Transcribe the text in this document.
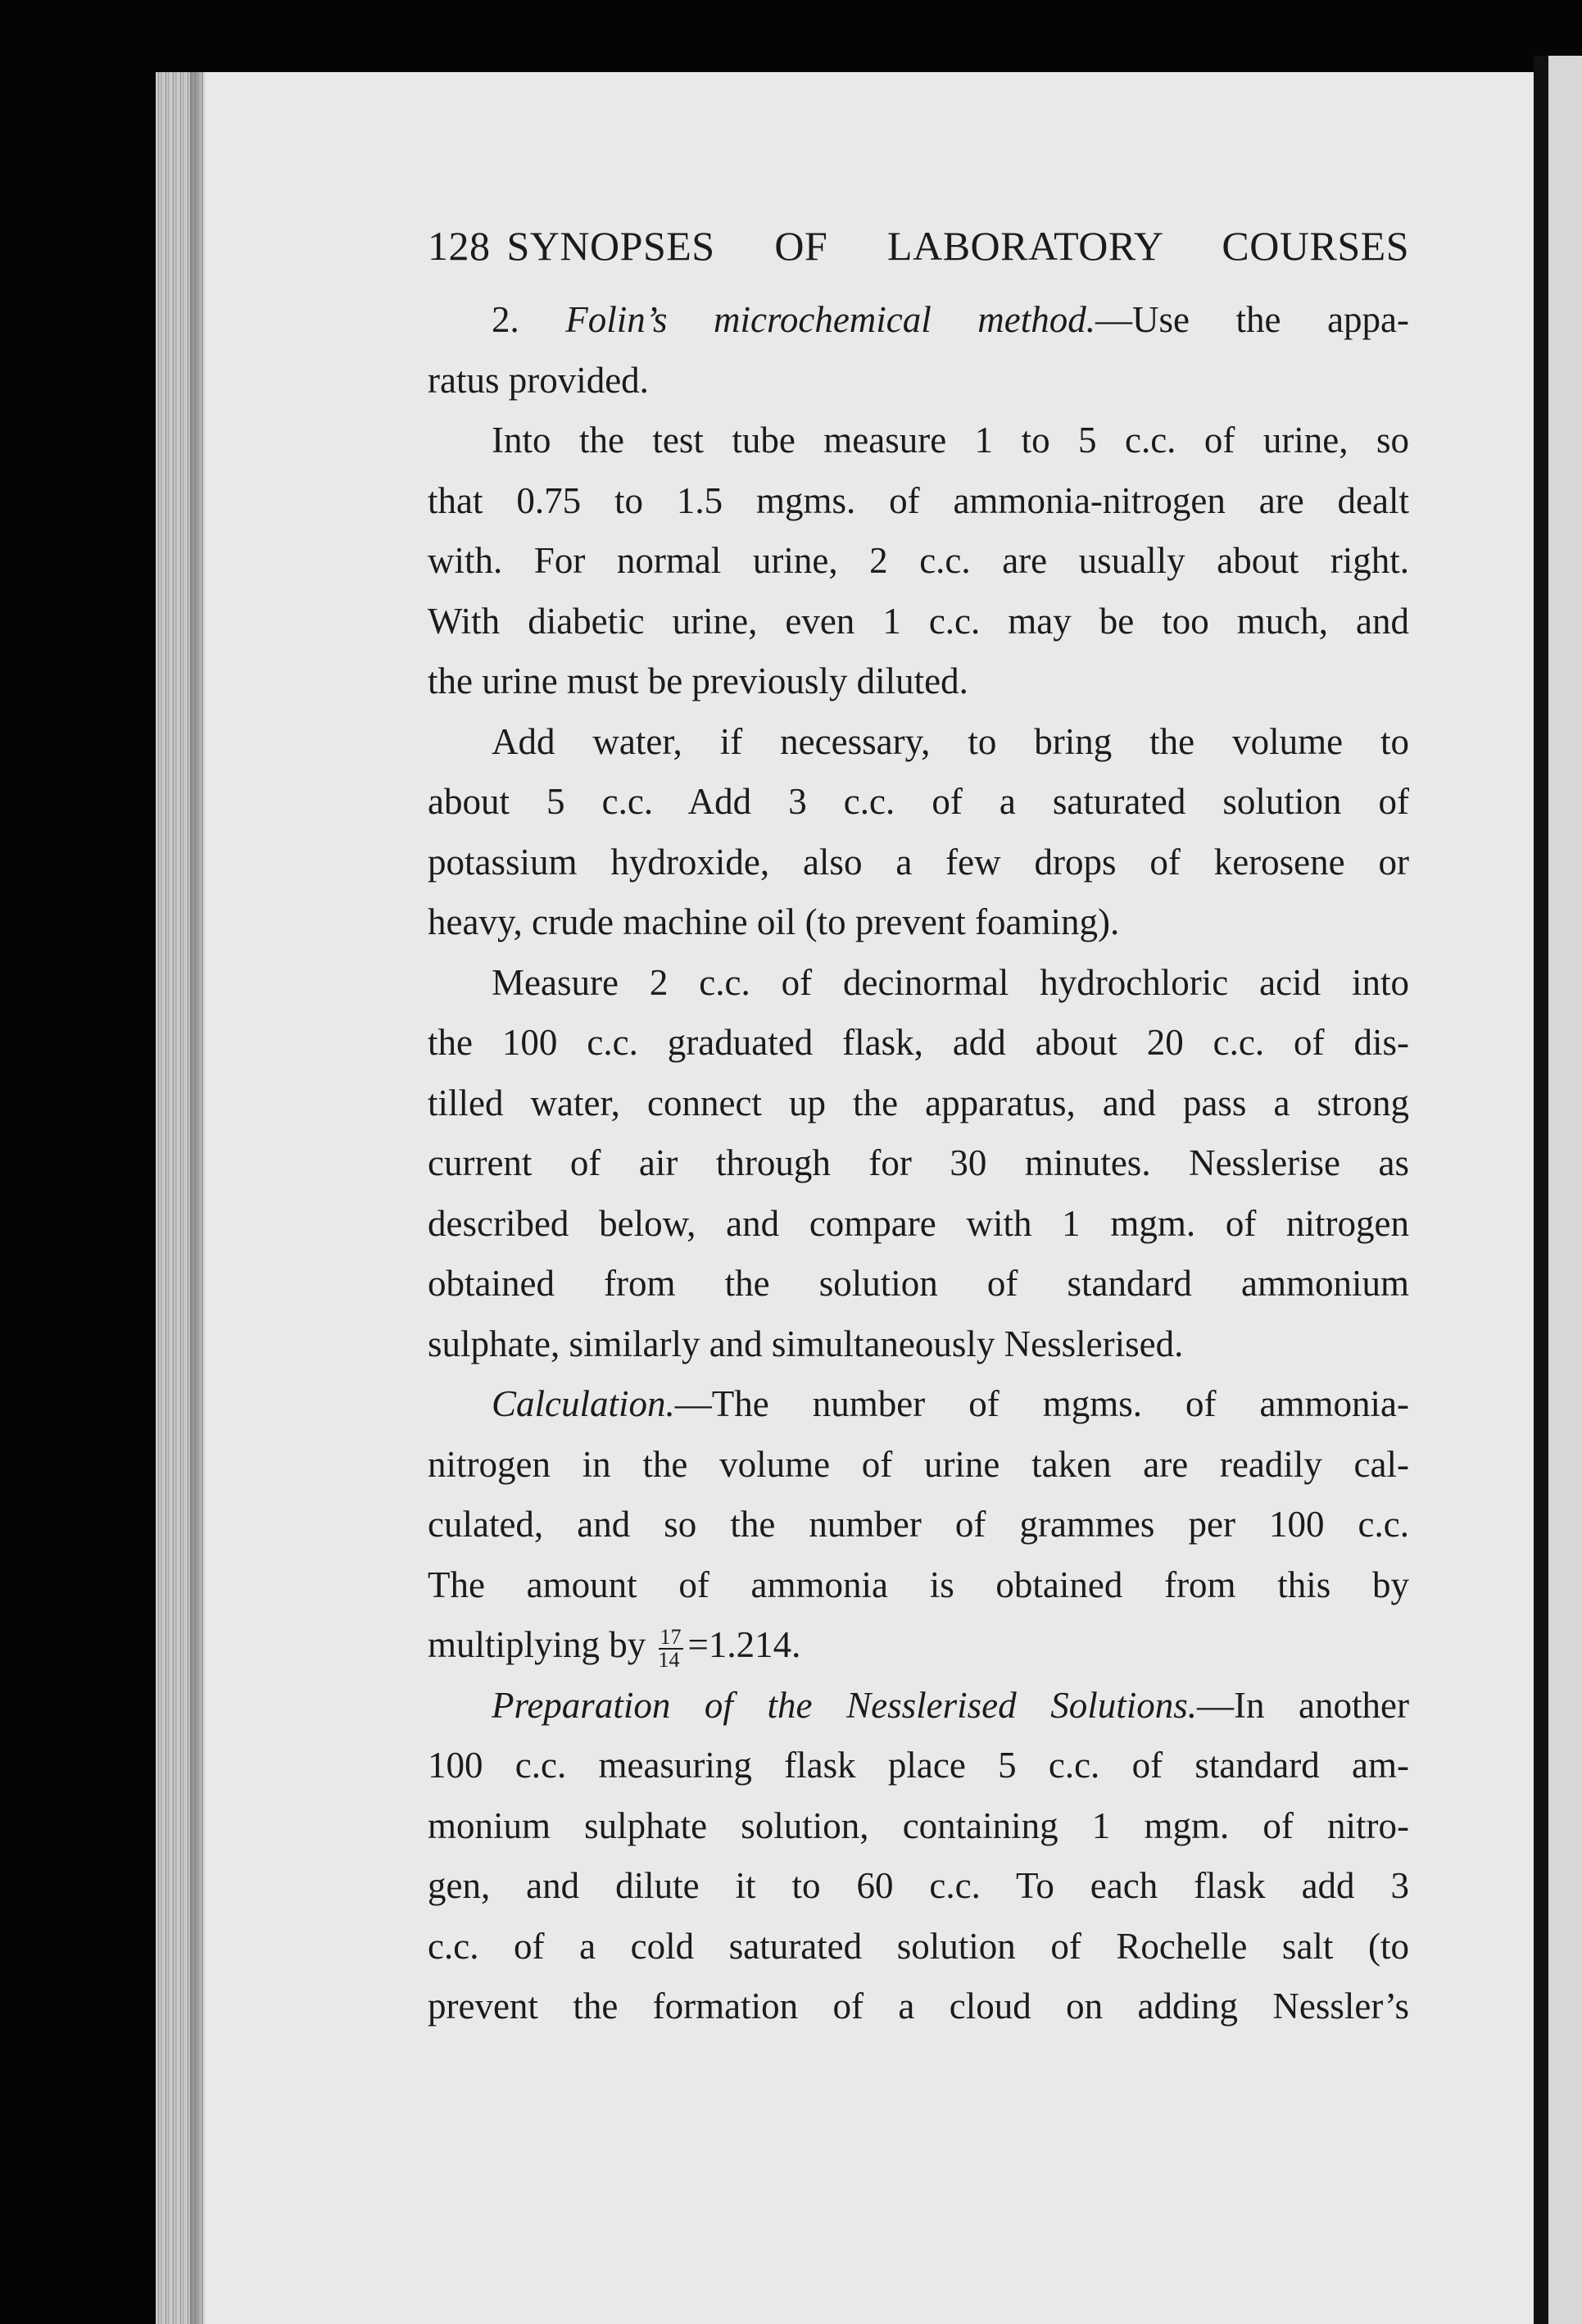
128 SYNOPSES OF LABORATORY COURSES
2. Folin’s microchemical method.—Use the appa-
ratus provided.
Into the test tube measure 1 to 5 c.c. of urine, so
that 0.75 to 1.5 mgms. of ammonia-nitrogen are dealt
with. For normal urine, 2 c.c. are usually about right.
With diabetic urine, even 1 c.c. may be too much, and
the urine must be previously diluted.
Add water, if necessary, to bring the volume to
about 5 c.c. Add 3 c.c. of a saturated solution of
potassium hydroxide, also a few drops of kerosene or
heavy, crude machine oil (to prevent foaming).
Measure 2 c.c. of decinormal hydrochloric acid into
the 100 c.c. graduated flask, add about 20 c.c. of dis-
tilled water, connect up the apparatus, and pass a strong
current of air through for 30 minutes. Nesslerise as
described below, and compare with 1 mgm. of nitrogen
obtained from the solution of standard ammonium
sulphate, similarly and simultaneously Nesslerised.
Calculation.—The number of mgms. of ammonia-
nitrogen in the volume of urine taken are readily cal-
culated, and so the number of grammes per 100 c.c.
The amount of ammonia is obtained from this by
multiplying by $\frac{17}{14} =1.214$.
Preparation of the Nesslerised Solutions.—In another
100 c.c. measuring flask place 5 c.c. of standard am-
monium sulphate solution, containing 1 mgm. of nitro-
gen, and dilute it to 60 c.c. To each flask add 3
c.c. of a cold saturated solution of Rochelle salt (to
prevent the formation of a cloud on adding Nessler’s
